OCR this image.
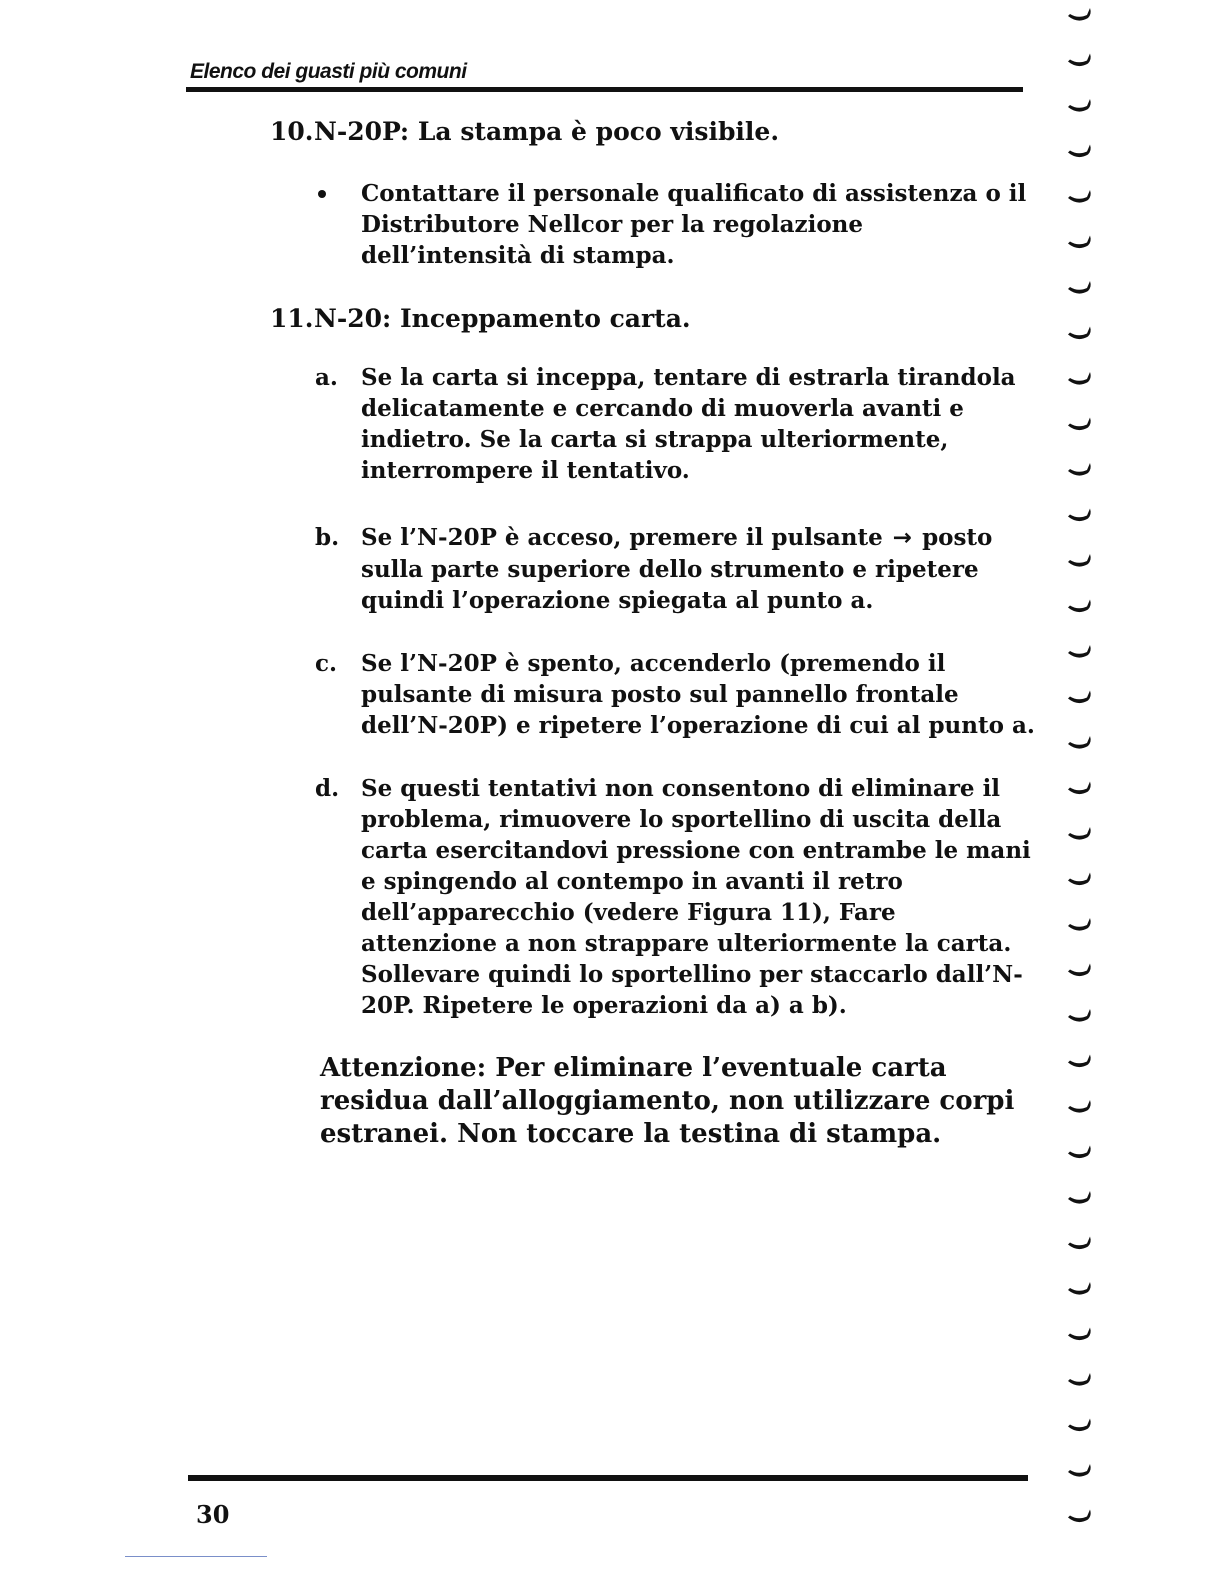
Elenco dei guasti più comuni
10.N-20P: La stampa è poco visibile.
Contattare il personale qualificato di assistenza o il Distributore Nellcor per la regolazione dell’intensità di stampa.
11.N-20: Inceppamento carta.
a.	Se la carta si inceppa, tentare di estrarla tirandola delicatamente e cercando di muoverla avanti e indietro. Se la carta si strappa ulteriormente, interrompere il tentativo.
b. Se l’N-20P è acceso, premere il pulsante → posto sulla parte superiore dello strumento e ripetere quindi l’operazione spiegata al punto a.
c.	Se l’N-20P è spento, accenderlo (premendo il pulsante di misura posto sul pannello frontale dell’N-20P) e ripetere l’operazione di cui al punto a.
d. Se questi tentativi non consentono di eliminare il problema, rimuovere lo sportellino di uscita della carta esercitandovi pressione con entrambe le mani e spingendo al contempo in avanti il retro dell’apparecchio (vedere Figura 11), Fare attenzione a non strappare ulteriormente la carta. Sollevare quindi lo sportellino per staccarlo dall’N-20P. Ripetere le operazioni da a) a b).
Attenzione: Per eliminare l’eventuale carta residua dall’alloggiamento, non utilizzare corpi estranei. Non toccare la testina di stampa.
30
